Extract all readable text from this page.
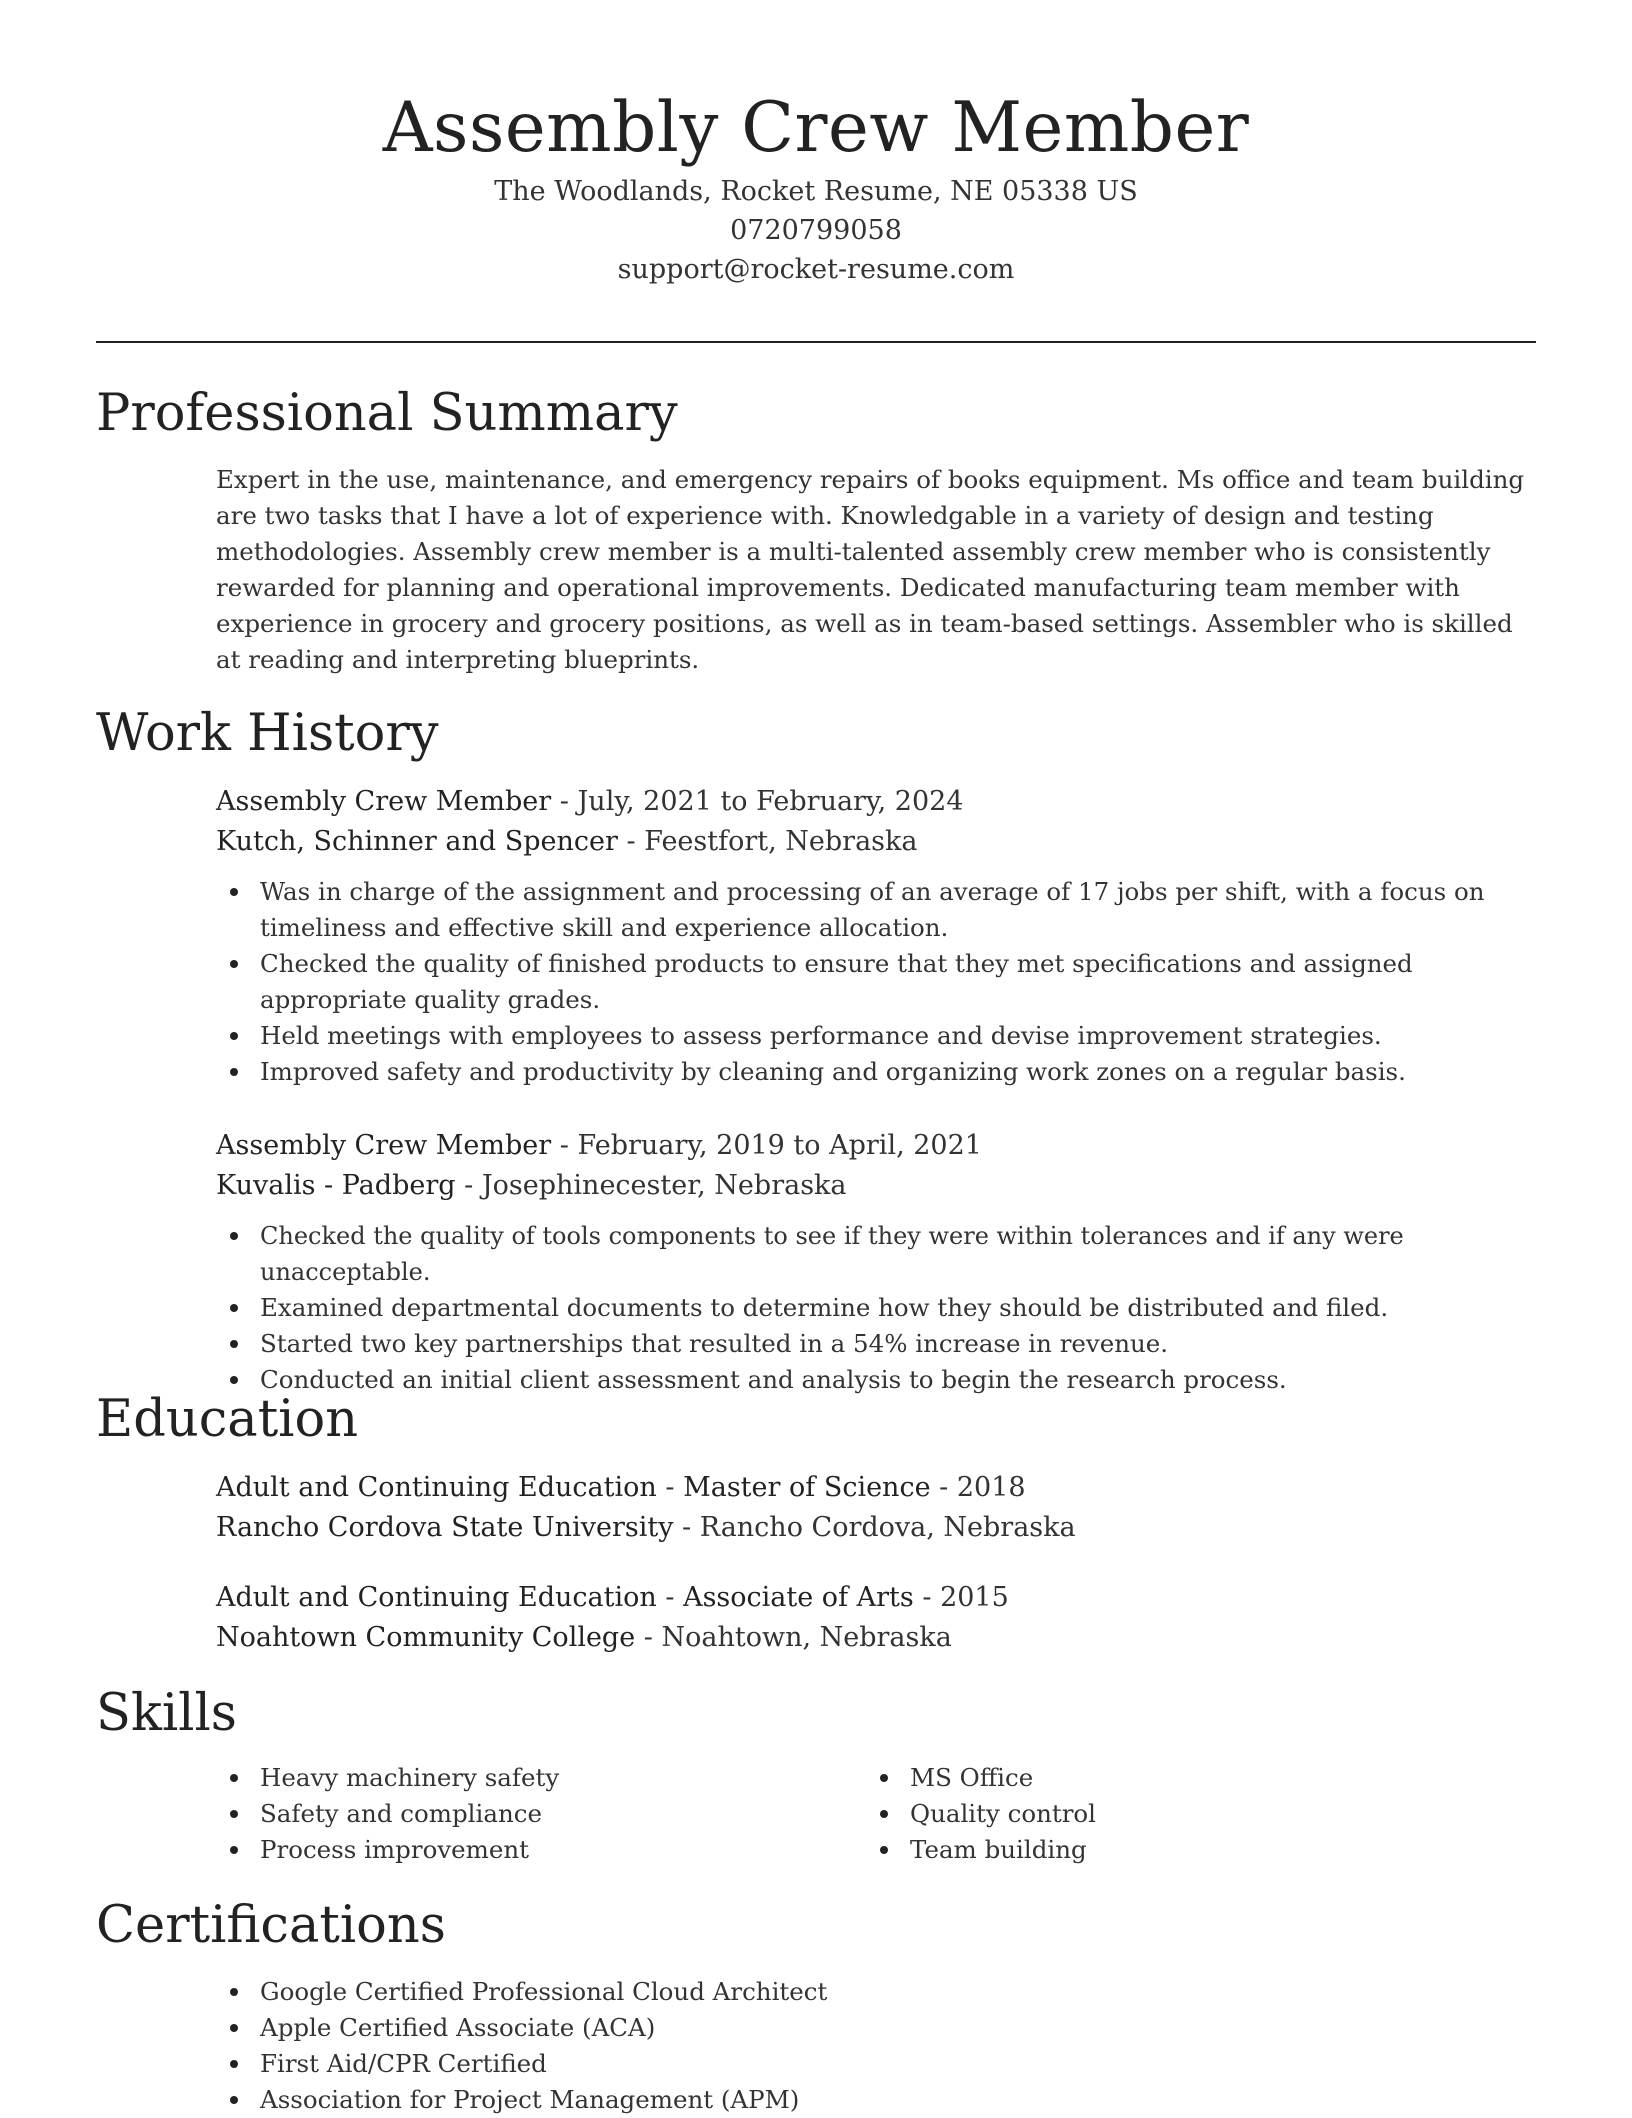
Assembly Crew Member
The Woodlands, Rocket Resume, NE 05338 US
0720799058
support@rocket-resume.com
Professional Summary
Expert in the use, maintenance, and emergency repairs of books equipment. Ms office and team building are two tasks that I have a lot of experience with. Knowledgable in a variety of design and testing methodologies. Assembly crew member is a multi-talented assembly crew member who is consistently rewarded for planning and operational improvements. Dedicated manufacturing team member with experience in grocery and grocery positions, as well as in team-based settings. Assembler who is skilled at reading and interpreting blueprints.
Work History
Assembly Crew Member - July, 2021 to February, 2024
Kutch, Schinner and Spencer - Feestfort, Nebraska
Was in charge of the assignment and processing of an average of 17 jobs per shift, with a focus on timeliness and effective skill and experience allocation.
Checked the quality of finished products to ensure that they met specifications and assigned appropriate quality grades.
Held meetings with employees to assess performance and devise improvement strategies.
Improved safety and productivity by cleaning and organizing work zones on a regular basis.
Assembly Crew Member - February, 2019 to April, 2021
Kuvalis - Padberg - Josephinecester, Nebraska
Checked the quality of tools components to see if they were within tolerances and if any were unacceptable.
Examined departmental documents to determine how they should be distributed and filed.
Started two key partnerships that resulted in a 54% increase in revenue.
Conducted an initial client assessment and analysis to begin the research process.
Education
Adult and Continuing Education - Master of Science - 2018
Rancho Cordova State University - Rancho Cordova, Nebraska
Adult and Continuing Education - Associate of Arts - 2015
Noahtown Community College - Noahtown, Nebraska
Skills
Heavy machinery safety
Safety and compliance
Process improvement
MS Office
Quality control
Team building
Certifications
Google Certified Professional Cloud Architect
Apple Certified Associate (ACA)
First Aid/CPR Certified
Association for Project Management (APM)
